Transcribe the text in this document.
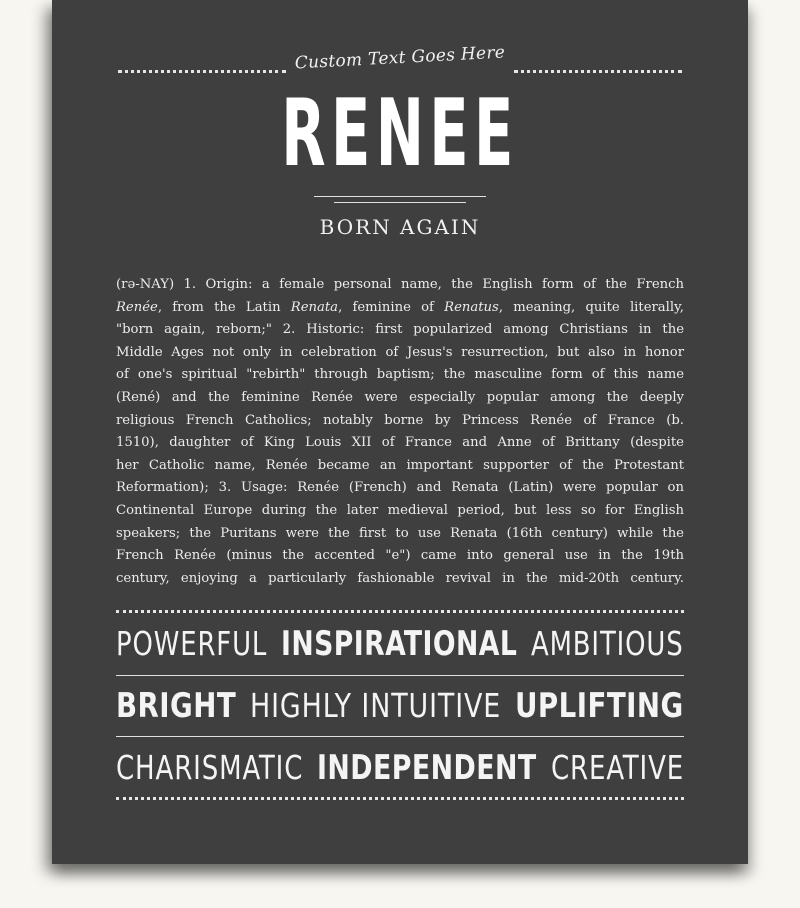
Custom Text Goes Here
RENEE
BORN AGAIN
(rə-NAY) 1. Origin: a female personal name, the English form of the French
Renée, from the Latin Renata, feminine of Renatus, meaning, quite literally,
"born again, reborn;" 2. Historic: first popularized among Christians in the
Middle Ages not only in celebration of Jesus's resurrection, but also in honor
of one's spiritual "rebirth" through baptism; the masculine form of this name
(René) and the feminine Renée were especially popular among the deeply
religious French Catholics; notably borne by Princess Renée of France (b.
1510), daughter of King Louis XII of France and Anne of Brittany (despite
her Catholic name, Renée became an important supporter of the Protestant
Reformation); 3. Usage: Renée (French) and Renata (Latin) were popular on
Continental Europe during the later medieval period, but less so for English
speakers; the Puritans were the first to use Renata (16th century) while the
French Renée (minus the accented "e") came into general use in the 19th
century, enjoying a particularly fashionable revival in the mid-20th century.
POWERFUL INSPIRATIONAL AMBITIOUS
BRIGHT HIGHLY INTUITIVE UPLIFTING
CHARISMATIC INDEPENDENT CREATIVE
